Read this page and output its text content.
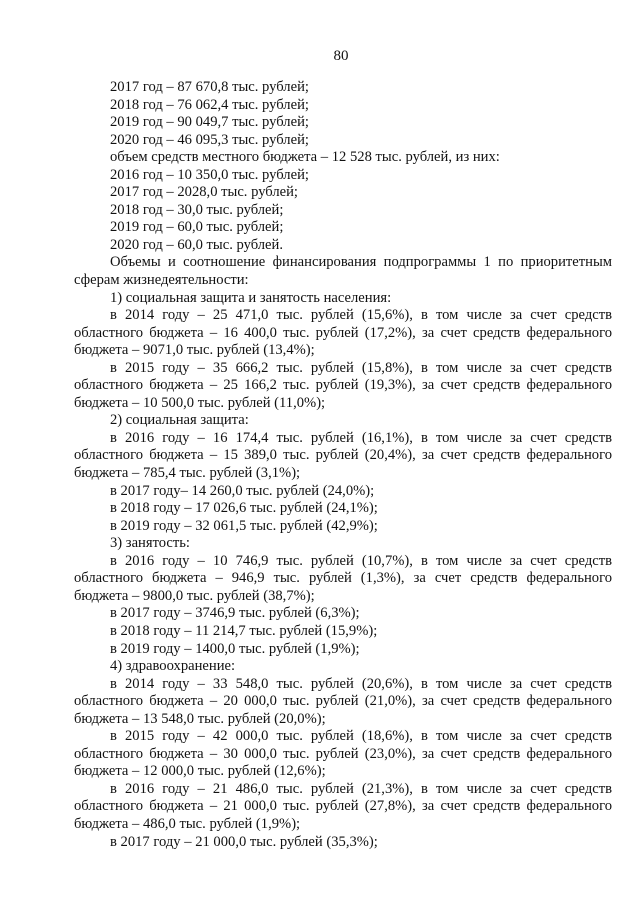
80

2017 год – 87 670,8 тыс. рублей;

2018 год – 76 062,4 тыс. рублей;

2019 год – 90 049,7 тыс. рублей;

2020 год – 46 095,3 тыс. рублей;

объем средств местного бюджета – 12 528 тыс. рублей, из них:

2016 год – 10 350,0 тыс. рублей;

2017 год – 2028,0 тыс. рублей;

2018 год – 30,0 тыс. рублей;

2019 год – 60,0 тыс. рублей;

2020 год – 60,0 тыс. рублей.

Объемы и соотношение финансирования подпрограммы 1 по приоритетным сферам жизнедеятельности:

1) социальная защита и занятость населения:

в 2014 году – 25 471,0 тыс. рублей (15,6%), в том числе за счет средств областного бюджета – 16 400,0 тыс. рублей (17,2%), за счет средств федерального бюджета – 9071,0 тыс. рублей (13,4%);

в 2015 году – 35 666,2 тыс. рублей (15,8%), в том числе за счет средств областного бюджета – 25 166,2 тыс. рублей (19,3%), за счет средств федерального бюджета – 10 500,0 тыс. рублей (11,0%);

2) социальная защита:

в 2016 году – 16 174,4 тыс. рублей (16,1%), в том числе за счет средств областного бюджета – 15 389,0 тыс. рублей (20,4%), за счет средств федерального бюджета – 785,4 тыс. рублей (3,1%);

в 2017 году– 14 260,0 тыс. рублей (24,0%);

в 2018 году – 17 026,6 тыс. рублей (24,1%);

в 2019 году – 32 061,5 тыс. рублей (42,9%);

3) занятость:

в 2016 году – 10 746,9 тыс. рублей (10,7%), в том числе за счет средств областного бюджета – 946,9 тыс. рублей (1,3%), за счет средств федерального бюджета – 9800,0 тыс. рублей (38,7%);

в 2017 году – 3746,9 тыс. рублей (6,3%);

в 2018 году – 11 214,7 тыс. рублей (15,9%);

в 2019 году – 1400,0 тыс. рублей (1,9%);

4) здравоохранение:

в 2014 году – 33 548,0 тыс. рублей (20,6%), в том числе за счет средств областного бюджета – 20 000,0 тыс. рублей (21,0%), за счет средств федерального бюджета – 13 548,0 тыс. рублей (20,0%);

в 2015 году – 42 000,0 тыс. рублей (18,6%), в том числе за счет средств областного бюджета – 30 000,0 тыс. рублей (23,0%), за счет средств федерального бюджета – 12 000,0 тыс. рублей (12,6%);

в 2016 году – 21 486,0 тыс. рублей (21,3%), в том числе за счет средств областного бюджета – 21 000,0 тыс. рублей (27,8%), за счет средств федерального бюджета – 486,0 тыс. рублей (1,9%);

в 2017 году – 21 000,0 тыс. рублей (35,3%);
